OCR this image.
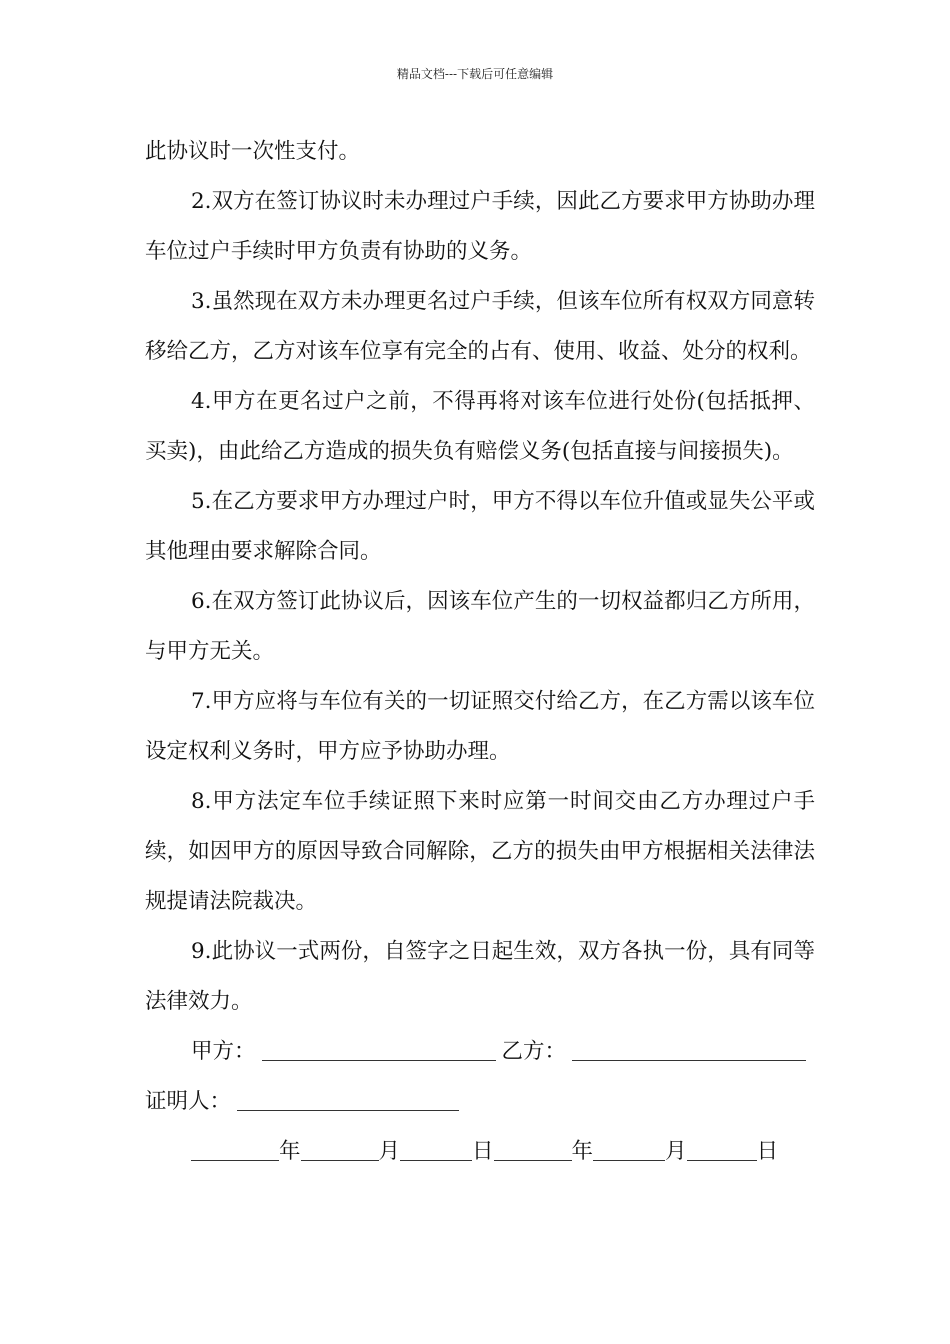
精品文档---下载后可任意编辑

此协议时一次性支付。

2.双方在签订协议时未办理过户手续，因此乙方要求甲方协助办理车位过户手续时甲方负责有协助的义务。

3.虽然现在双方未办理更名过户手续，但该车位所有权双方同意转移给乙方，乙方对该车位享有完全的占有、使用、收益、处分的权利。

4.甲方在更名过户之前，不得再将对该车位进行处份(包括抵押、买卖)，由此给乙方造成的损失负有赔偿义务(包括直接与间接损失)。

5.在乙方要求甲方办理过户时，甲方不得以车位升值或显失公平或其他理由要求解除合同。

6.在双方签订此协议后，因该车位产生的一切权益都归乙方所用，与甲方无关。

7.甲方应将与车位有关的一切证照交付给乙方，在乙方需以该车位设定权利义务时，甲方应予协助办理。

8.甲方法定车位手续证照下来时应第一时间交由乙方办理过户手续，如因甲方的原因导致合同解除，乙方的损失由甲方根据相关法律法规提请法院裁决。

9.此协议一式两份，自签字之日起生效，双方各执一份，具有同等法律效力。

甲方：	乙方：
证明人：
年	月	日	年	月	日
